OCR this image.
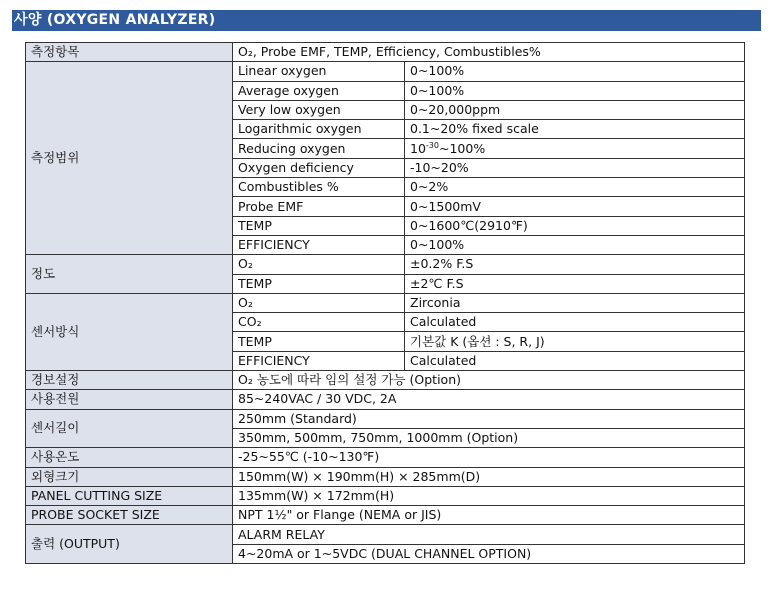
사양 (OXYGEN ANALYZER)
측정항목	O₂, Probe EMF, TEMP, Efficiency, Combustibles%	
측정범위	Linear oxygen	0~100%
	Average oxygen	0~100%
	Very low oxygen	0~20,000ppm
	Logarithmic oxygen	0.1~20% fixed scale
	Reducing oxygen	$10^{-30}\sim 100\%$
	Oxygen deficiency	-10~20%
	Combustibles %	0~2%
	Probe EMF	0~1500mV
	TEMP	0~1600℃(2910℉)
	EFFICIENCY	0~100%
정도	O₂	±0.2% F.S
	TEMP	±2℃ F.S
센서방식	O₂	Zirconia
	CO₂	Calculated
	TEMP	기본값 K (옵션 : S, R, J)
	EFFICIENCY	Calculated
경보설정	O₂ 농도에 따라 임의 설정 가능 (Option)	
사용전원	85~240VAC / 30 VDC, 2A	
센서길이	250mm (Standard)	
	350mm, 500mm, 750mm, 1000mm (Option)	
사용온도	-25~55℃ (-10~130℉)	
외형크기	150mm(W) × 190mm(H) × 285mm(D)	
PANEL CUTTING SIZE	135mm(W) × 172mm(H)	
PROBE SOCKET SIZE	NPT 1½" or Flange (NEMA or JIS)	
출력 (OUTPUT)	ALARM RELAY	
	4~20mA or 1~5VDC (DUAL CHANNEL OPTION)	
